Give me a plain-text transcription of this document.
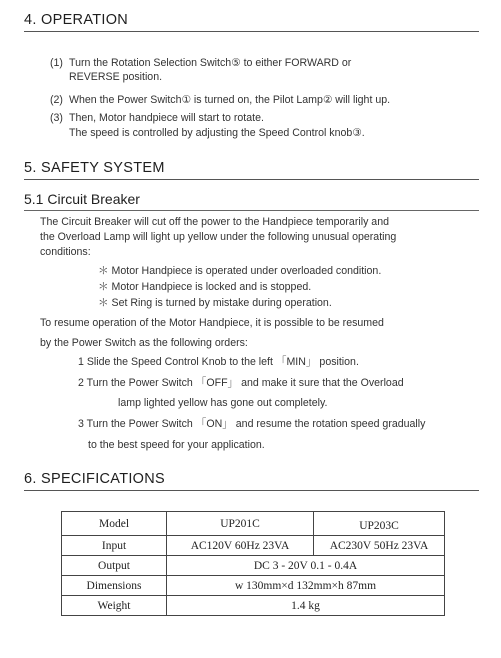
4. OPERATION
(1) Turn the Rotation Selection Switch⑤ to either FORWARD or
REVERSE position.
(2) When the Power Switch① is turned on, the Pilot Lamp② will light up.
(3) Then, Motor handpiece will start to rotate.
The speed is controlled by adjusting the Speed Control knob③.
5. SAFETY SYSTEM
5.1 Circuit Breaker
The Circuit Breaker will cut off the power to the Handpiece temporarily and
the Overload Lamp will light up yellow under the following unusual operating
conditions:
＊ Motor Handpiece is operated under overloaded condition.
＊ Motor Handpiece is locked and is stopped.
＊ Set Ring is turned by mistake during operation.
To resume operation of the Motor Handpiece, it is possible to be resumed
by the Power Switch as the following orders:
1 Slide the Speed Control Knob to the left 「MIN」 position.
2 Turn the Power Switch 「OFF」 and make it sure that the Overload
lamp lighted yellow has gone out completely.
3 Turn the Power Switch 「ON」 and resume the rotation speed gradually
to the best speed for your application.
6. SPECIFICATIONS
Model	UP201C	UP203C
Input	AC120V 60Hz 23VA	AC230V 50Hz 23VA
Output	DC 3 - 20V 0.1 - 0.4A	
Dimensions	w 130mm×d 132mm×h 87mm	
Weight	1.4 kg	
